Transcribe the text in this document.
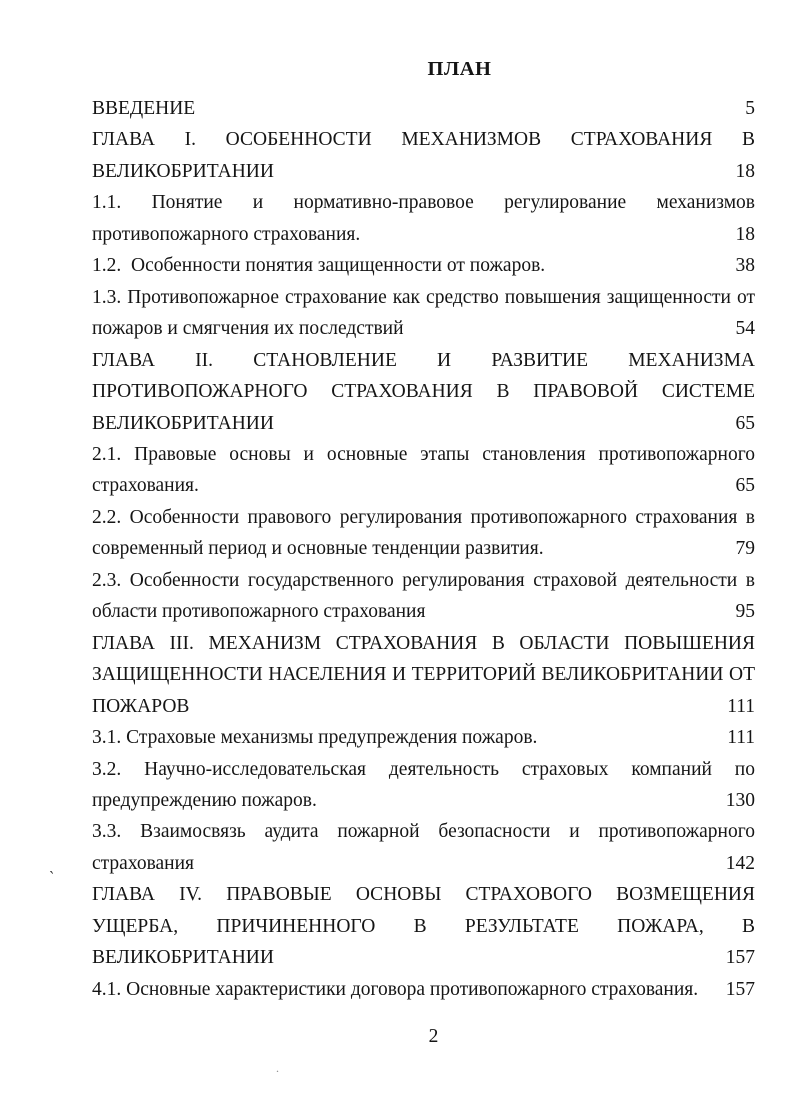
ПЛАН
ВВЕДЕНИЕ	5
ГЛАВА I. ОСОБЕННОСТИ МЕХАНИЗМОВ СТРАХОВАНИЯ В
ВЕЛИКОБРИТАНИИ	18
1.1. Понятие и нормативно-правовое регулирование механизмов
противопожарного страхования.	18
1.2.  Особенности понятия защищенности от пожаров.	38
1.3. Противопожарное страхование как средство повышения защищенности от
пожаров и смягчения их последствий	54
ГЛАВА II. СТАНОВЛЕНИЕ И РАЗВИТИЕ МЕХАНИЗМА
ПРОТИВОПОЖАРНОГО СТРАХОВАНИЯ В ПРАВОВОЙ СИСТЕМЕ
ВЕЛИКОБРИТАНИИ	65
2.1. Правовые основы и основные этапы становления противопожарного
страхования.	65
2.2. Особенности правового регулирования противопожарного страхования в
современный период и основные тенденции развития.	79
2.3. Особенности государственного регулирования страховой деятельности в
области противопожарного страхования	95
ГЛАВА III. МЕХАНИЗМ СТРАХОВАНИЯ В ОБЛАСТИ ПОВЫШЕНИЯ
ЗАЩИЩЕННОСТИ НАСЕЛЕНИЯ И ТЕРРИТОРИЙ ВЕЛИКОБРИТАНИИ ОТ
ПОЖАРОВ	111
3.1. Страховые механизмы предупреждения пожаров.	111
3.2. Научно-исследовательская деятельность страховых компаний по
предупреждению пожаров.	130
3.3. Взаимосвязь аудита пожарной безопасности и противопожарного
страхования	142
ГЛАВА IV. ПРАВОВЫЕ ОСНОВЫ СТРАХОВОГО ВОЗМЕЩЕНИЯ
УЩЕРБА, ПРИЧИНЕННОГО В РЕЗУЛЬТАТЕ ПОЖАРА, В
ВЕЛИКОБРИТАНИИ	157
4.1. Основные характеристики договора противопожарного страхования.	157
`
.
2
